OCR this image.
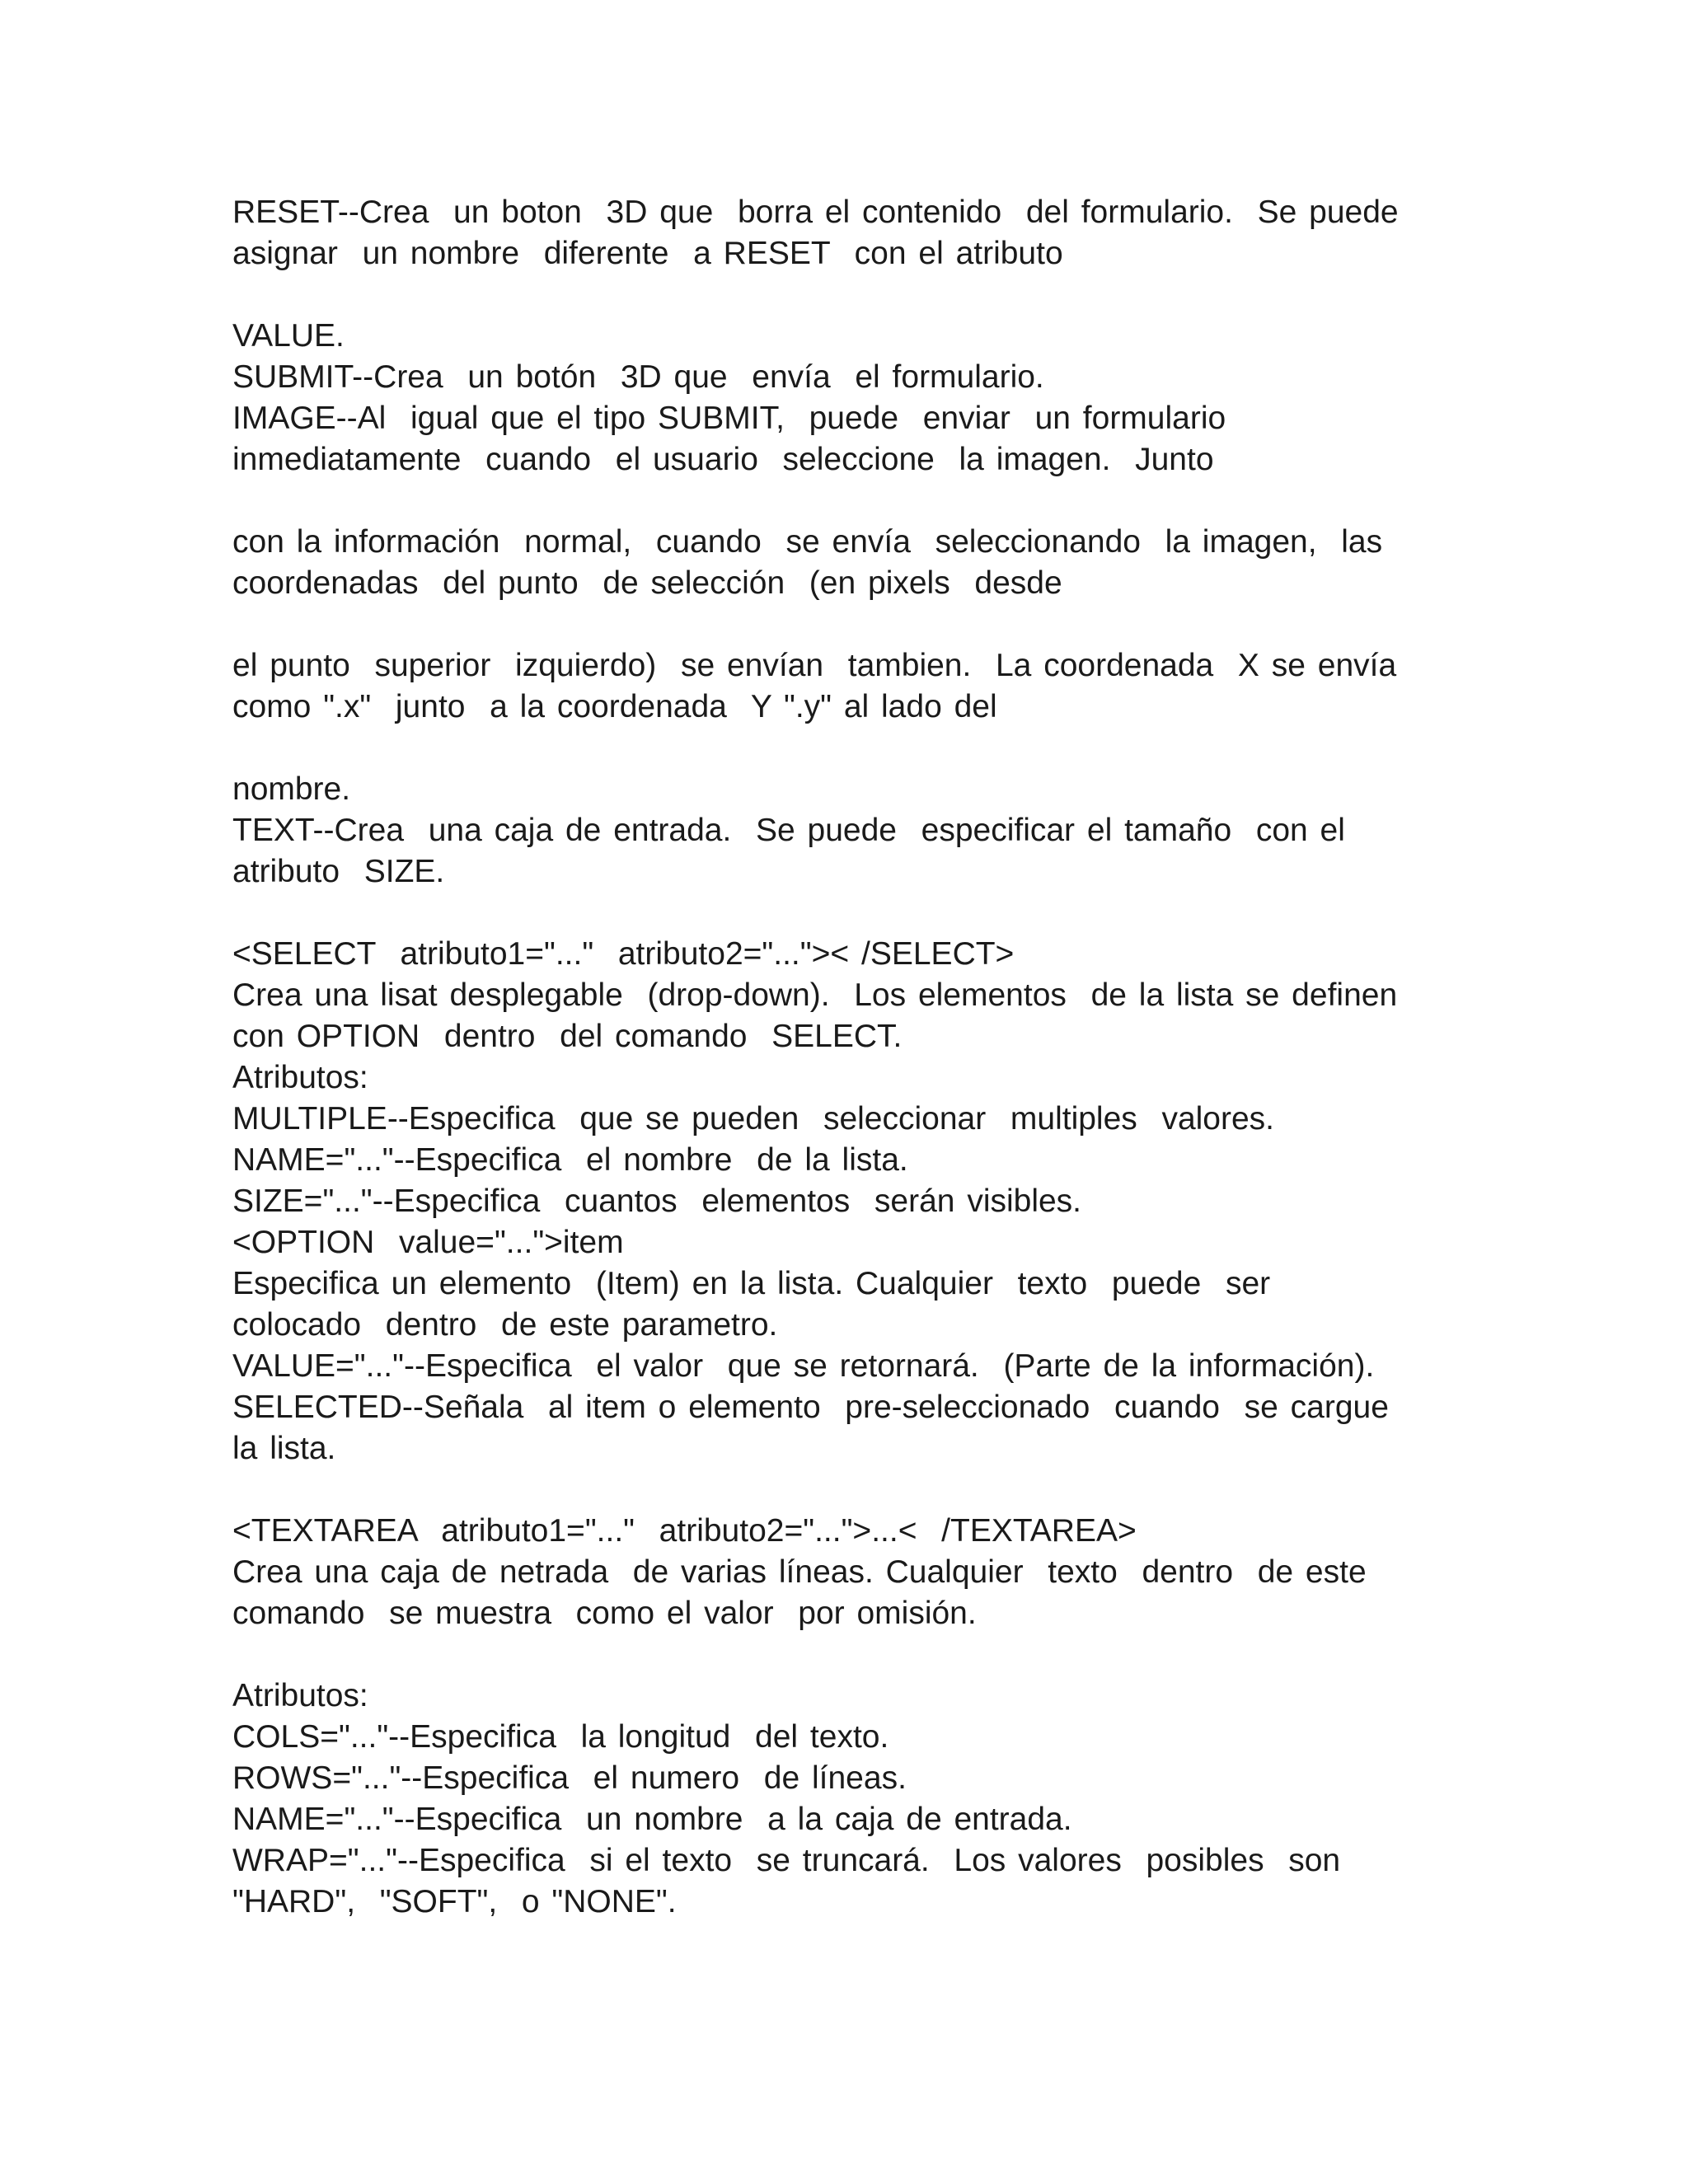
RESET--Crea  un boton  3D que  borra el contenido  del formulario.  Se puede
asignar  un nombre  diferente  a RESET  con el atributo
VALUE.
SUBMIT--Crea  un botón  3D que  envía  el formulario.
IMAGE--Al  igual que el tipo SUBMIT,  puede  enviar  un formulario
inmediatamente  cuando  el usuario  seleccione  la imagen.  Junto
con la información  normal,  cuando  se envía  seleccionando  la imagen,  las
coordenadas  del punto  de selección  (en pixels  desde
el punto  superior  izquierdo)  se envían  tambien.  La coordenada  X se envía
como ".x"  junto  a la coordenada  Y ".y" al lado del
nombre.
TEXT--Crea  una caja de entrada.  Se puede  especificar el tamaño  con el
atributo  SIZE.
<SELECT  atributo1="..."  atributo2="...">< /SELECT>
Crea una lisat desplegable  (drop-down).  Los elementos  de la lista se definen
con OPTION  dentro  del comando  SELECT.
Atributos:
MULTIPLE--Especifica  que se pueden  seleccionar  multiples  valores.
NAME="..."--Especifica  el nombre  de la lista.
SIZE="..."--Especifica  cuantos  elementos  serán visibles.
<OPTION  value="...">item
Especifica un elemento  (Item) en la lista. Cualquier  texto  puede  ser
colocado  dentro  de este parametro.
VALUE="..."--Especifica  el valor  que se retornará.  (Parte de la información).
SELECTED--Señala  al item o elemento  pre-seleccionado  cuando  se cargue
la lista.
<TEXTAREA  atributo1="..."  atributo2="...">...<  /TEXTAREA>
Crea una caja de netrada  de varias líneas. Cualquier  texto  dentro  de este
comando  se muestra  como el valor  por omisión.
Atributos:
COLS="..."--Especifica  la longitud  del texto.
ROWS="..."--Especifica  el numero  de líneas.
NAME="..."--Especifica  un nombre  a la caja de entrada.
WRAP="..."--Especifica  si el texto  se truncará.  Los valores  posibles  son
"HARD",  "SOFT",  o "NONE".
